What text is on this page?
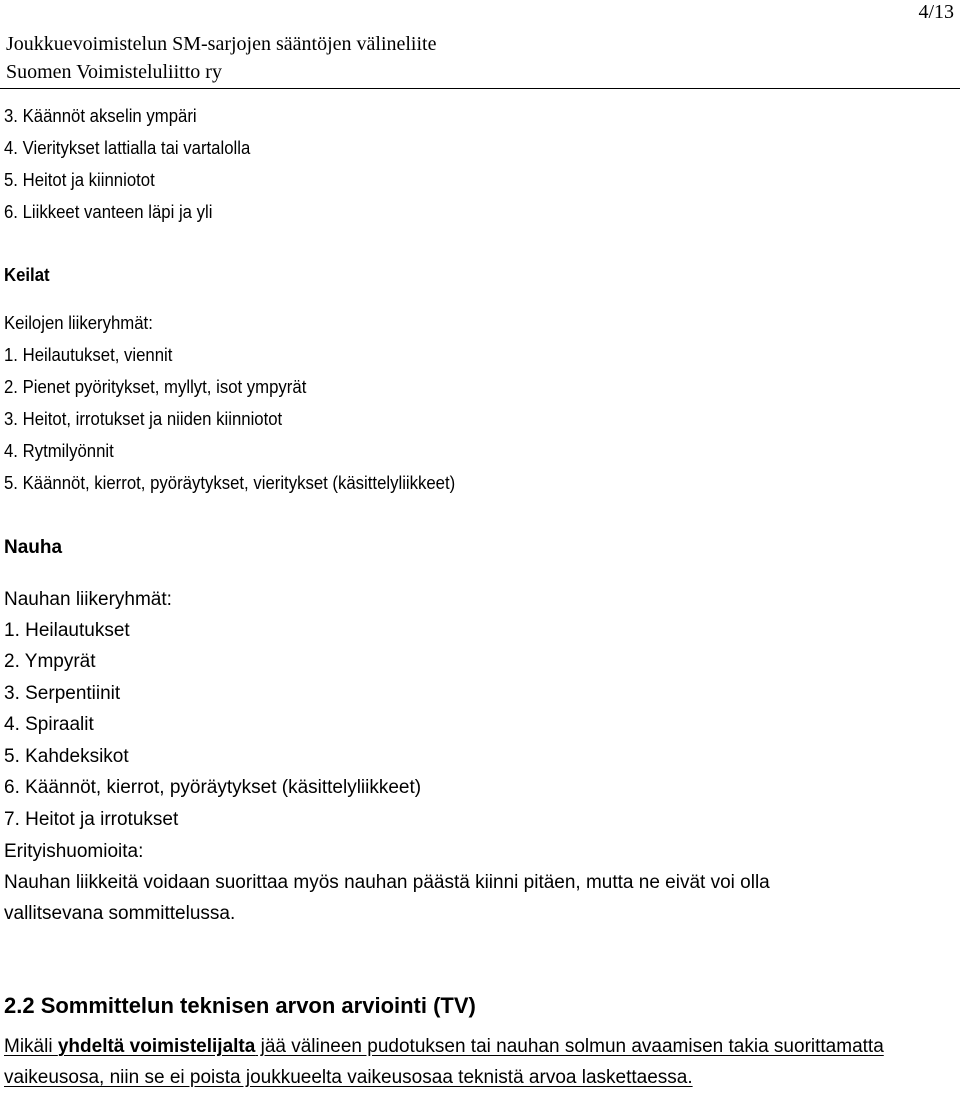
4/13
Joukkuevoimistelun SM-sarjojen sääntöjen välineliite
Suomen Voimisteluliitto ry
3. Käännöt akselin ympäri
4. Vieritykset lattialla tai vartalolla
5. Heitot ja kiinniotot
6. Liikkeet vanteen läpi ja yli
Keilat
Keilojen liikeryhmät:
1. Heilautukset, viennit
2. Pienet pyöritykset, myllyt, isot ympyrät
3. Heitot, irrotukset ja niiden kiinniotot
4. Rytmilyönnit
5. Käännöt, kierrot, pyöräytykset, vieritykset (käsittelyliikkeet)
Nauha
Nauhan liikeryhmät:
1. Heilautukset
2. Ympyrät
3. Serpentiinit
4. Spiraalit
5. Kahdeksikot
6. Käännöt, kierrot, pyöräytykset (käsittelyliikkeet)
7. Heitot ja irrotukset
Erityishuomioita:
Nauhan liikkeitä voidaan suorittaa myös nauhan päästä kiinni pitäen, mutta ne eivät voi olla
vallitsevana sommittelussa.
2.2 Sommittelun teknisen arvon arviointi (TV)
Mikäli yhdeltä voimistelijalta jää välineen pudotuksen tai nauhan solmun avaamisen takia suorittamatta
vaikeusosa, niin se ei poista joukkueelta vaikeusosaa teknistä arvoa laskettaessa.
